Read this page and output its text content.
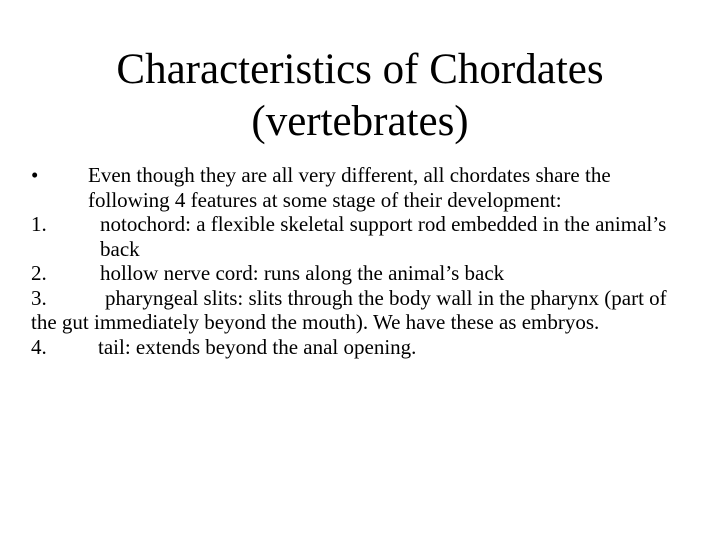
Characteristics of Chordates
(vertebrates)
• Even though they are all very different, all chordates share the following 4 features at some stage of their development:
1.	notochord: a flexible skeletal support rod embedded in the animal’s back
2.	hollow nerve cord: runs along the animal’s back
3.	pharyngeal slits: slits through the body wall in the pharynx (part of the gut immediately beyond the mouth). We have these as embryos.
4. tail: extends beyond the anal opening.
